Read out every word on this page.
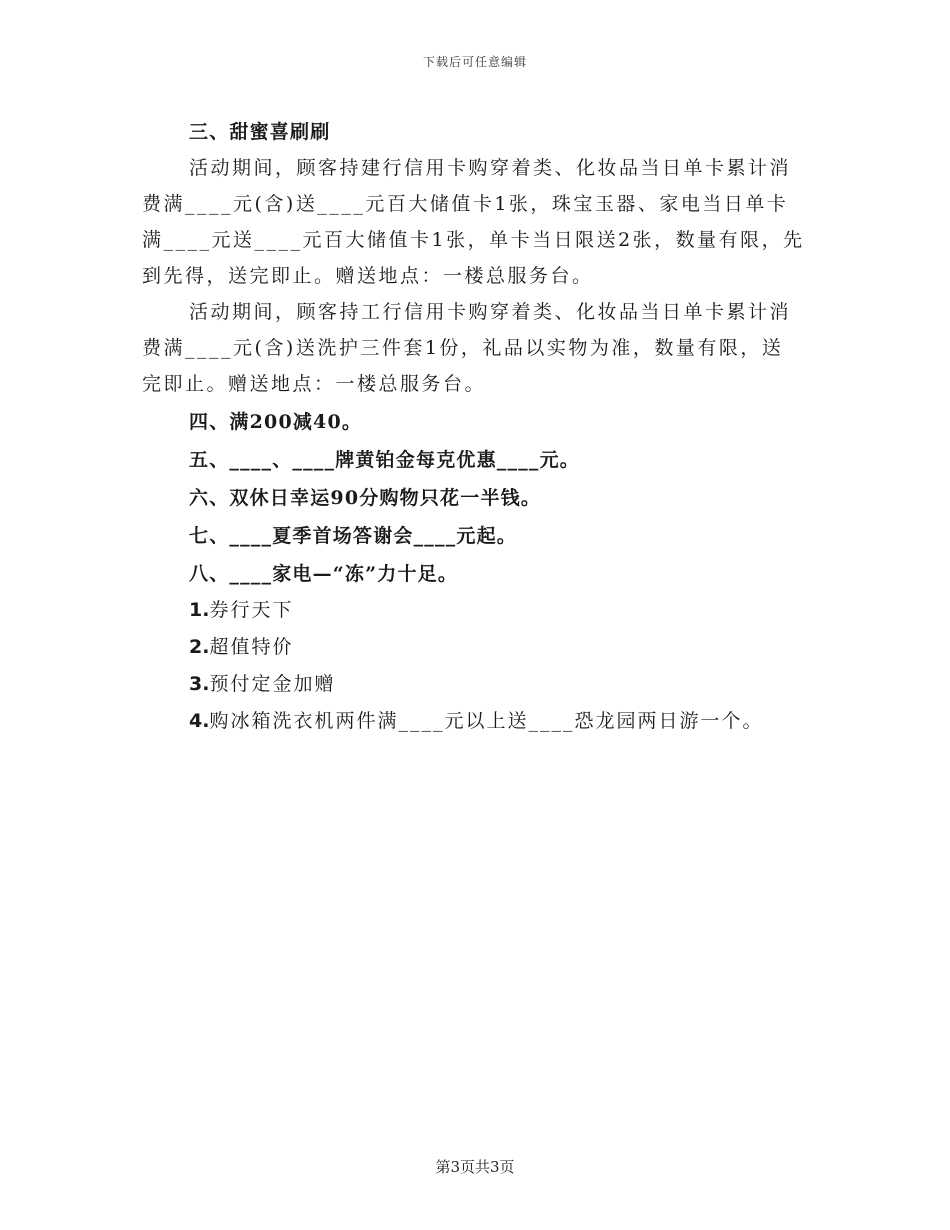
下载后可任意编辑
三、甜蜜喜刷刷
活动期间，顾客持建行信用卡购穿着类、化妆品当日单卡累计消
费满____元(含)送____元百大储值卡1张，珠宝玉器、家电当日单卡
满____元送____元百大储值卡1张，单卡当日限送2张，数量有限，先
到先得，送完即止。赠送地点：一楼总服务台。
活动期间，顾客持工行信用卡购穿着类、化妆品当日单卡累计消
费满____元(含)送洗护三件套1份，礼品以实物为准，数量有限，送
完即止。赠送地点：一楼总服务台。
四、满200减40。
五、____、____牌黄铂金每克优惠____元。
六、双休日幸运90分购物只花一半钱。
七、____夏季首场答谢会____元起。
八、____家电—“冻”力十足。
1.券行天下
2.超值特价
3.预付定金加赠
4.购冰箱洗衣机两件满____元以上送____恐龙园两日游一个。
第3页共3页
